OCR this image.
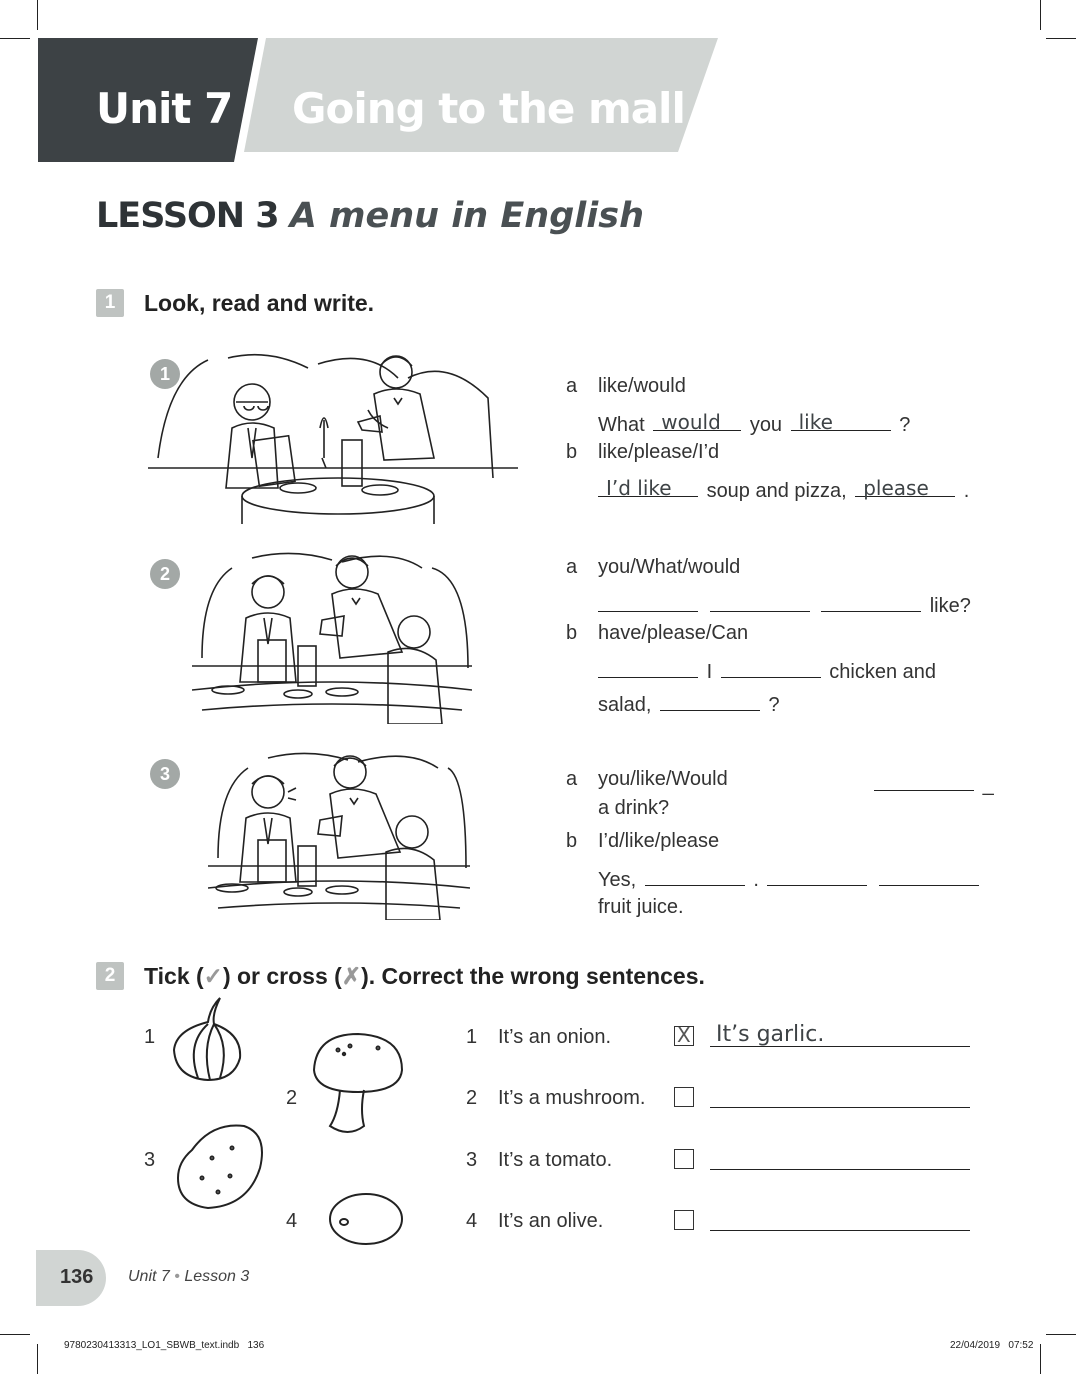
Unit 7 Going to the mall
LESSON 3 A menu in English
1	Look, read and write.
1
2
3
a like/would
What would you like	?
b like/please/I’d
I’d like soup and pizza, please .
a you/What/would
like?
b have/please/Can
I	chicken and
salad,	?
a you/like/Would	_
a drink?
b I’d/like/please
Yes,	.
fruit juice.
2	Tick (✓) or cross (✗). Correct the wrong sentences.
1
2
3
4
1 It’s an onion.	X It’s garlic.
2 It’s a mushroom.
3 It’s a tomato.
4 It’s an olive.
136 Unit 7 • Lesson 3
9780230413313_LO1_SBWB_text.indb   136	22/04/2019   07:52
